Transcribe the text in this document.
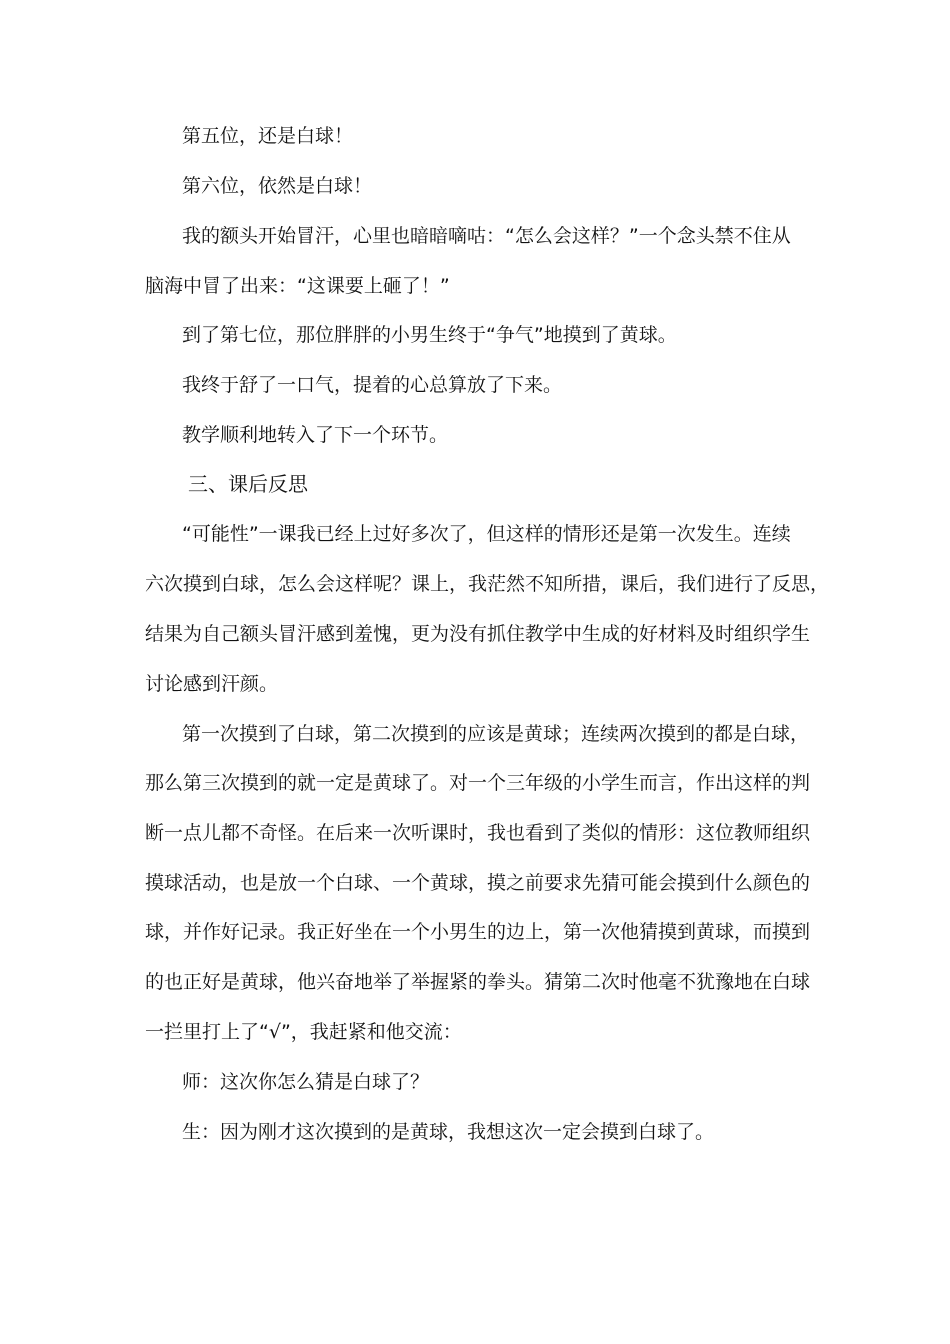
第五位，还是白球！
第六位，依然是白球！
我的额头开始冒汗，心里也暗暗嘀咕：“怎么会这样？”一个念头禁不住从
脑海中冒了出来：“这课要上砸了！”
到了第七位，那位胖胖的小男生终于“争气”地摸到了黄球。
我终于舒了一口气，提着的心总算放了下来。
教学顺利地转入了下一个环节。
三、课后反思
“可能性”一课我已经上过好多次了，但这样的情形还是第一次发生。连续
六次摸到白球，怎么会这样呢？课上，我茫然不知所措，课后，我们进行了反思，
结果为自己额头冒汗感到羞愧，更为没有抓住教学中生成的好材料及时组织学生
讨论感到汗颜。
第一次摸到了白球，第二次摸到的应该是黄球；连续两次摸到的都是白球，
那么第三次摸到的就一定是黄球了。对一个三年级的小学生而言，作出这样的判
断一点儿都不奇怪。在后来一次听课时，我也看到了类似的情形：这位教师组织
摸球活动，也是放一个白球、一个黄球，摸之前要求先猜可能会摸到什么颜色的
球，并作好记录。我正好坐在一个小男生的边上，第一次他猜摸到黄球，而摸到
的也正好是黄球，他兴奋地举了举握紧的拳头。猜第二次时他毫不犹豫地在白球
一拦里打上了“√”，我赶紧和他交流：
师：这次你怎么猜是白球了？
生：因为刚才这次摸到的是黄球，我想这次一定会摸到白球了。
